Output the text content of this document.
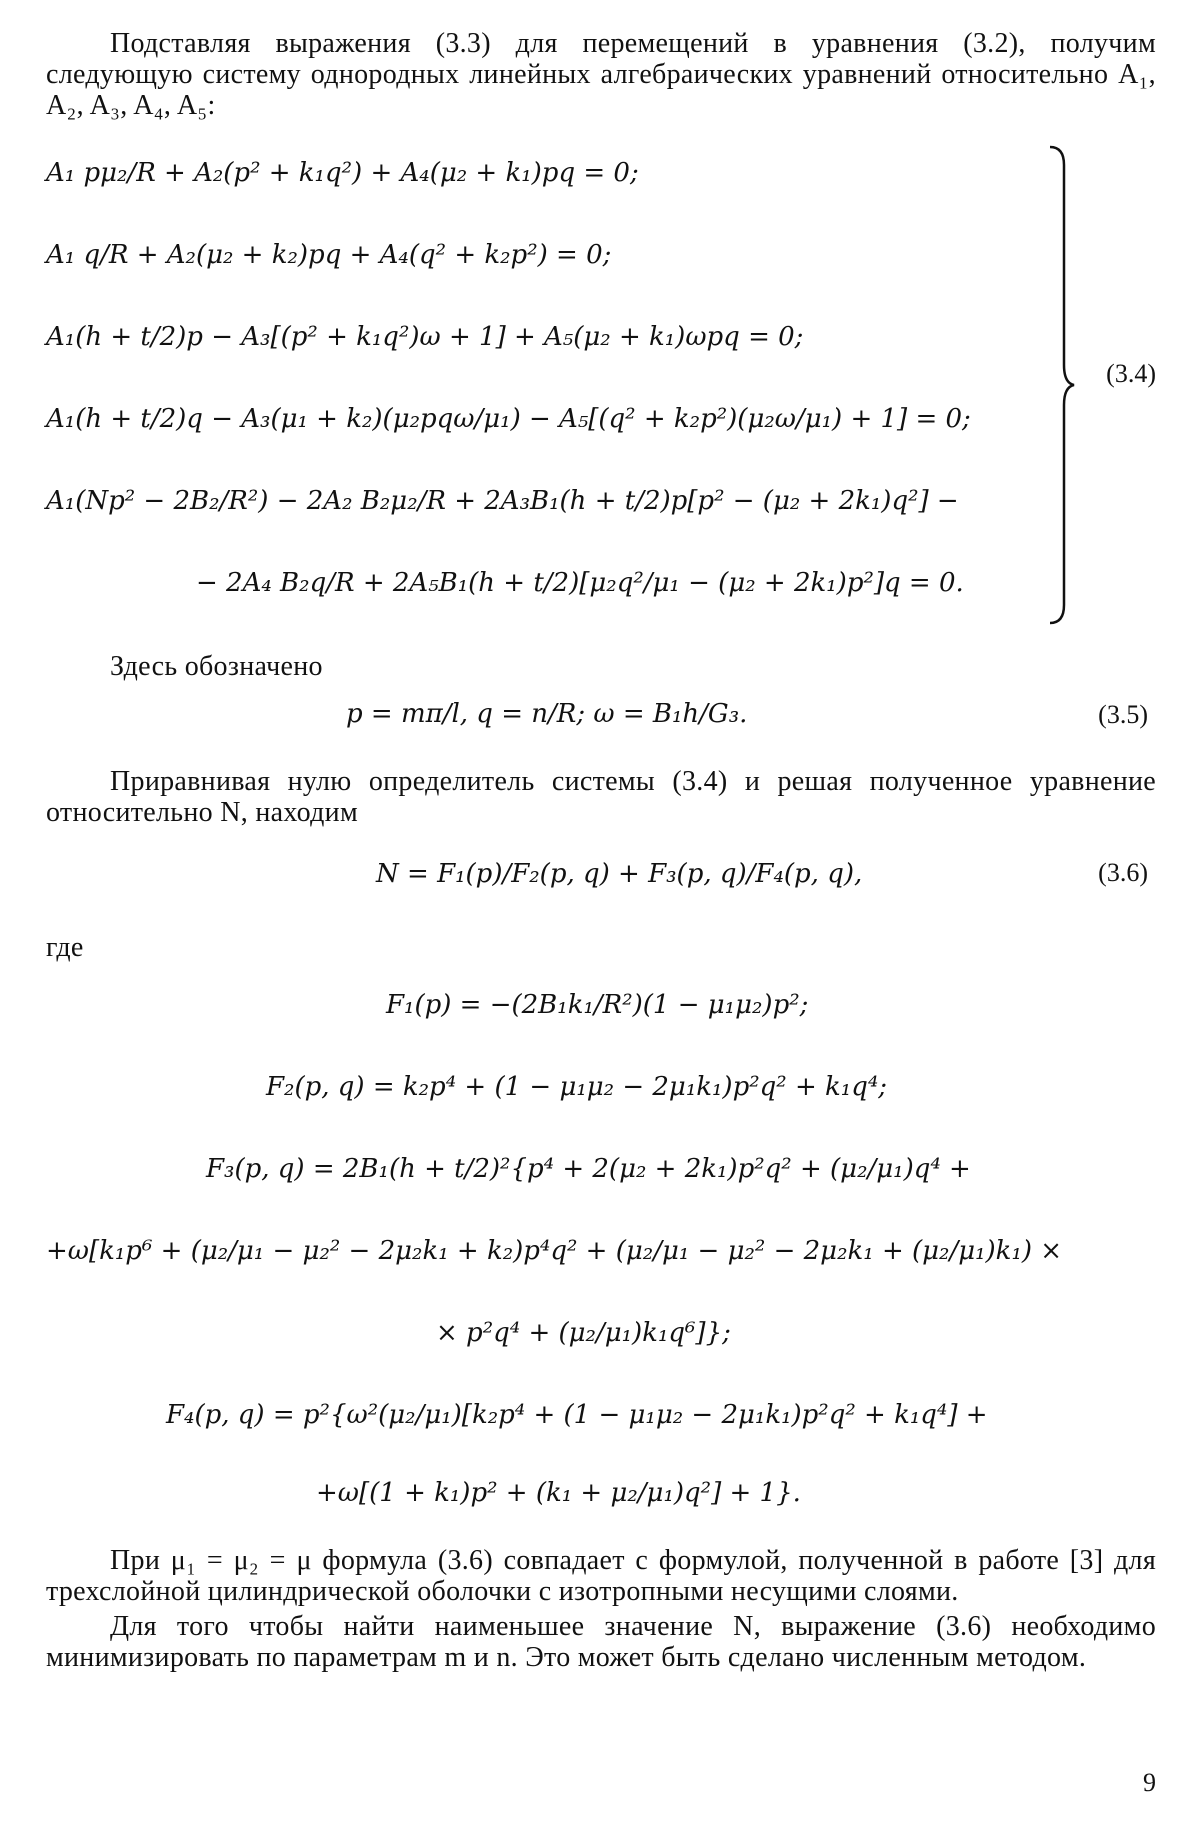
Подставляя выражения (3.3) для перемещений в уравнения (3.2), получим следующую систему однородных линейных алгебраических уравнений относительно A₁, A₂, A₃, A₄, A₅:

A₁ pμ₂/R + A₂(p² + k₁q²) + A₄(μ₂ + k₁)pq = 0;
A₁ q/R + A₂(μ₂ + k₂)pq + A₄(q² + k₂p²) = 0;
A₁(h + t/2)p − A₃[(p² + k₁q²)ω + 1] + A₅(μ₂ + k₁)ωpq = 0;
A₁(h + t/2)q − A₃(μ₁ + k₂)(μ₂pqω/μ₁) − A₅[(q² + k₂p²)(μ₂ω/μ₁) + 1] = 0;
A₁(Np² − 2B₂/R²) − 2A₂ B₂μ₂/R + 2A₃B₁(h + t/2)p[p² − (μ₂ + 2k₁)q²] −
− 2A₄ B₂q/R + 2A₅B₁(h + t/2)[μ₂q²/μ₁ − (μ₂ + 2k₁)p²]q = 0.
(3.4)

Здесь обозначено

p = mπ/l, q = n/R; ω = B₁h/G₃.	(3.5)

Приравнивая нулю определитель системы (3.4) и решая полученное уравнение относительно N, находим

N = F₁(p)/F₂(p, q) + F₃(p, q)/F₄(p, q),	(3.6)

где

F₁(p) = −(2B₁k₁/R²)(1 − μ₁μ₂)p²;
F₂(p, q) = k₂p⁴ + (1 − μ₁μ₂ − 2μ₁k₁)p²q² + k₁q⁴;
F₃(p, q) = 2B₁(h + t/2)²{p⁴ + 2(μ₂ + 2k₁)p²q² + (μ₂/μ₁)q⁴ +
+ω[k₁p⁶ + (μ₂/μ₁ − μ₂² − 2μ₂k₁ + k₂)p⁴q² + (μ₂/μ₁ − μ₂² − 2μ₂k₁ + (μ₂/μ₁)k₁) ×
× p²q⁴ + (μ₂/μ₁)k₁q⁶]};
F₄(p, q) = p²{ω²(μ₂/μ₁)[k₂p⁴ + (1 − μ₁μ₂ − 2μ₁k₁)p²q² + k₁q⁴] +
+ω[(1 + k₁)p² + (k₁ + μ₂/μ₁)q²] + 1}.

При μ₁ = μ₂ = μ формула (3.6) совпадает с формулой, полученной в работе [3] для трехслойной цилиндрической оболочки с изотропными несущими слоями.

Для того чтобы найти наименьшее значение N, выражение (3.6) необходимо минимизировать по параметрам m и n. Это может быть сделано численным методом.

9
